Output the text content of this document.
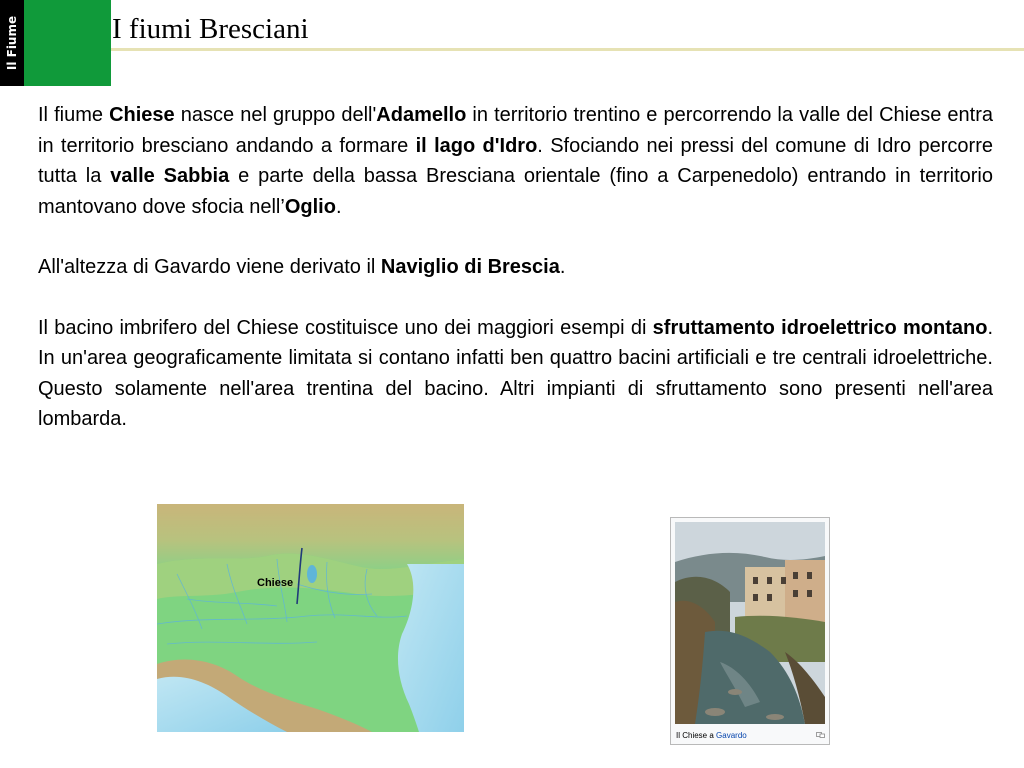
Il Fiume	I fiumi Bresciani

Il fiume Chiese nasce nel gruppo dell'Adamello in territorio trentino e percorrendo la valle del Chiese entra in territorio bresciano andando a formare il lago d'Idro. Sfociando nei pressi del comune di Idro percorre tutta la valle Sabbia e parte della bassa Bresciana orientale (fino a Carpenedolo) entrando in territorio mantovano dove sfocia nell’Oglio.

All'altezza di Gavardo viene derivato il Naviglio di Brescia.

Il bacino imbrifero del Chiese costituisce uno dei maggiori esempi di sfruttamento idroelettrico montano. In un'area geograficamente limitata si contano infatti ben quattro bacini artificiali e tre centrali idroelettriche. Questo solamente nell'area trentina del bacino. Altri impianti di sfruttamento sono presenti nell'area lombarda.

Chiese
Il Chiese a Gavardo
